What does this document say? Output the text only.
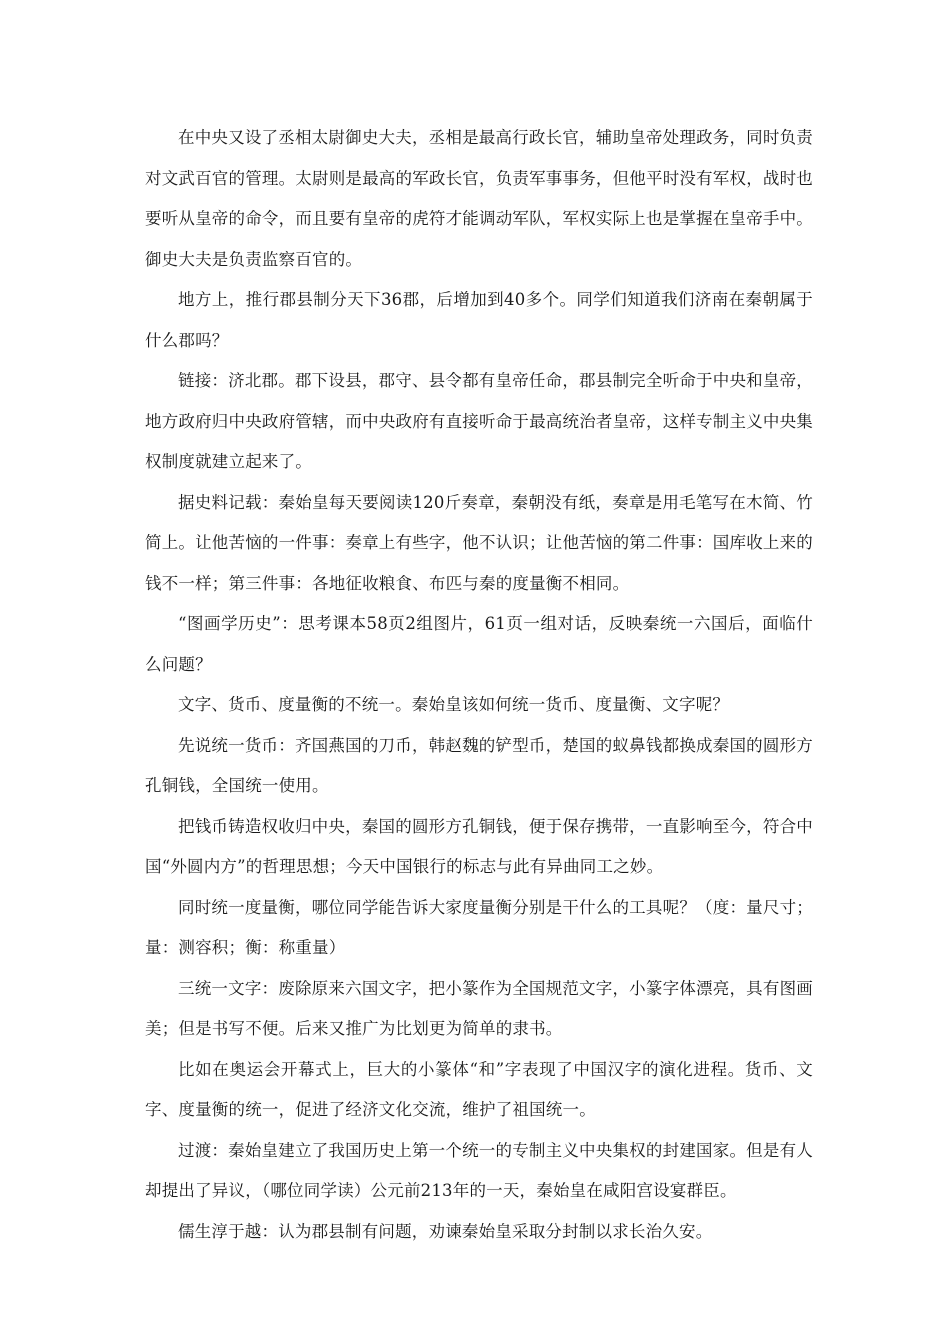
在中央又设了丞相太尉御史大夫，丞相是最高行政长官，辅助皇帝处理政务，同时负责对文武百官的管理。太尉则是最高的军政长官，负责军事事务，但他平时没有军权，战时也要听从皇帝的命令，而且要有皇帝的虎符才能调动军队，军权实际上也是掌握在皇帝手中。御史大夫是负责监察百官的。

地方上，推行郡县制分天下36郡，后增加到40多个。同学们知道我们济南在秦朝属于什么郡吗？

链接：济北郡。郡下设县，郡守、县令都有皇帝任命，郡县制完全听命于中央和皇帝，地方政府归中央政府管辖，而中央政府有直接听命于最高统治者皇帝，这样专制主义中央集权制度就建立起来了。

据史料记载：秦始皇每天要阅读120斤奏章，秦朝没有纸，奏章是用毛笔写在木简、竹简上。让他苦恼的一件事：奏章上有些字，他不认识；让他苦恼的第二件事：国库收上来的钱不一样；第三件事：各地征收粮食、布匹与秦的度量衡不相同。

“图画学历史”：思考课本58页2组图片，61页一组对话，反映秦统一六国后，面临什么问题？

文字、货币、度量衡的不统一。秦始皇该如何统一货币、度量衡、文字呢？

先说统一货币：齐国燕国的刀币，韩赵魏的铲型币，楚国的蚁鼻钱都换成秦国的圆形方孔铜钱，全国统一使用。

把钱币铸造权收归中央，秦国的圆形方孔铜钱，便于保存携带，一直影响至今，符合中国“外圆内方”的哲理思想；今天中国银行的标志与此有异曲同工之妙。

同时统一度量衡，哪位同学能告诉大家度量衡分别是干什么的工具呢？（度：量尺寸；量：测容积；衡：称重量）

三统一文字：废除原来六国文字，把小篆作为全国规范文字，小篆字体漂亮，具有图画美；但是书写不便。后来又推广为比划更为简单的隶书。

比如在奥运会开幕式上，巨大的小篆体“和”字表现了中国汉字的演化进程。货币、文字、度量衡的统一，促进了经济文化交流，维护了祖国统一。

过渡：秦始皇建立了我国历史上第一个统一的专制主义中央集权的封建国家。但是有人却提出了异议，（哪位同学读）公元前213年的一天，秦始皇在咸阳宫设宴群臣。

儒生淳于越：认为郡县制有问题，劝谏秦始皇采取分封制以求长治久安。
